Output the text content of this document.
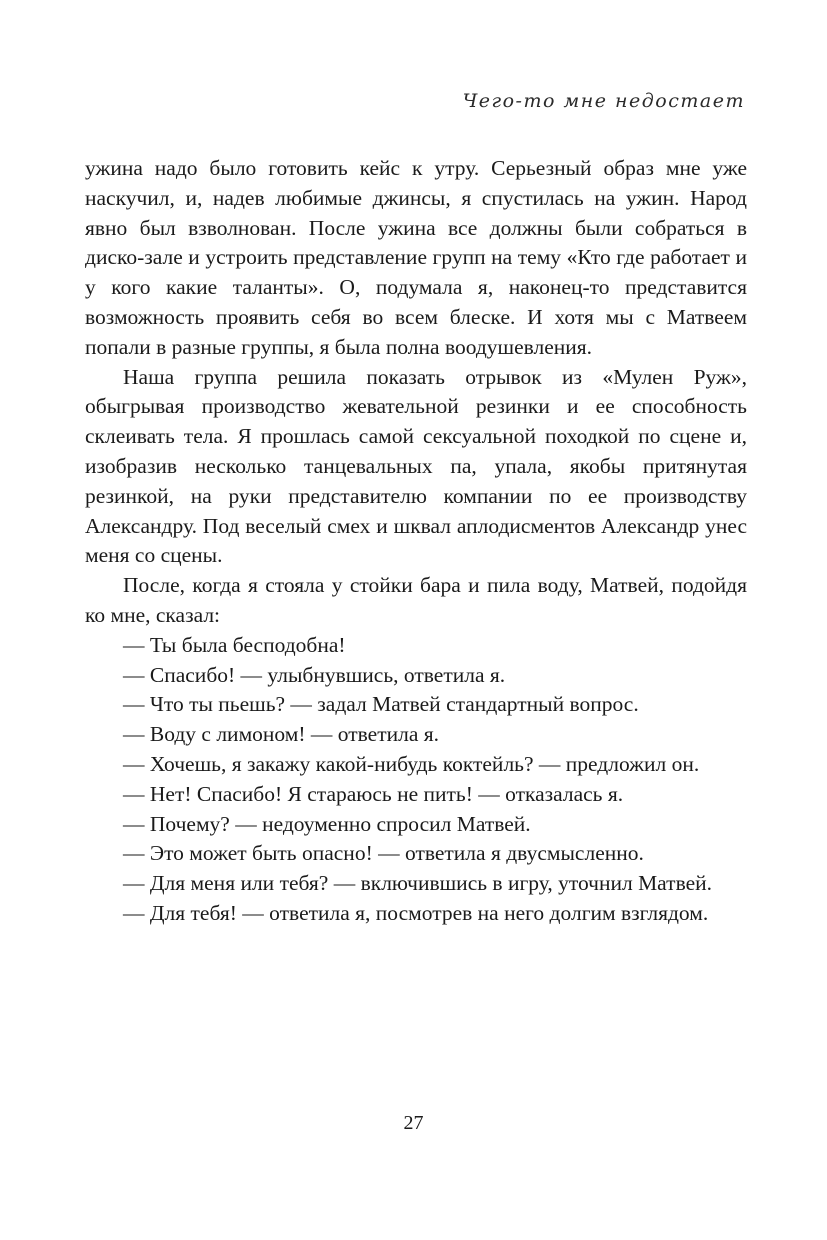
Чего-то мне недостает

ужина надо было готовить кейс к утру. Серьезный образ мне уже наскучил, и, надев любимые джинсы, я спустилась на ужин. Народ явно был взволнован. После ужина все должны были собраться в диско-зале и устроить представление групп на тему «Кто где работает и у кого какие таланты». О, подумала я, наконец-то представится возможность проявить себя во всем блеске. И хотя мы с Матвеем попали в разные группы, я была полна воодушевления.

Наша группа решила показать отрывок из «Мулен Руж», обыгрывая производство жевательной резинки и ее способность склеивать тела. Я прошлась самой сексуальной походкой по сцене и, изобразив несколько танцевальных па, упала, якобы притянутая резинкой, на руки представителю компании по ее производству Александру. Под веселый смех и шквал аплодисментов Александр унес меня со сцены.

После, когда я стояла у стойки бара и пила воду, Матвей, подойдя ко мне, сказал:

— Ты была бесподобна!

— Спасибо! — улыбнувшись, ответила я.

— Что ты пьешь? — задал Матвей стандартный вопрос.

— Воду с лимоном! — ответила я.

— Хочешь, я закажу какой-нибудь коктейль? — предложил он.

— Нет! Спасибо! Я стараюсь не пить! — отказалась я.

— Почему? — недоуменно спросил Матвей.

— Это может быть опасно! — ответила я двусмысленно.

— Для меня или тебя? — включившись в игру, уточнил Матвей.

— Для тебя! — ответила я, посмотрев на него долгим взглядом.

27
